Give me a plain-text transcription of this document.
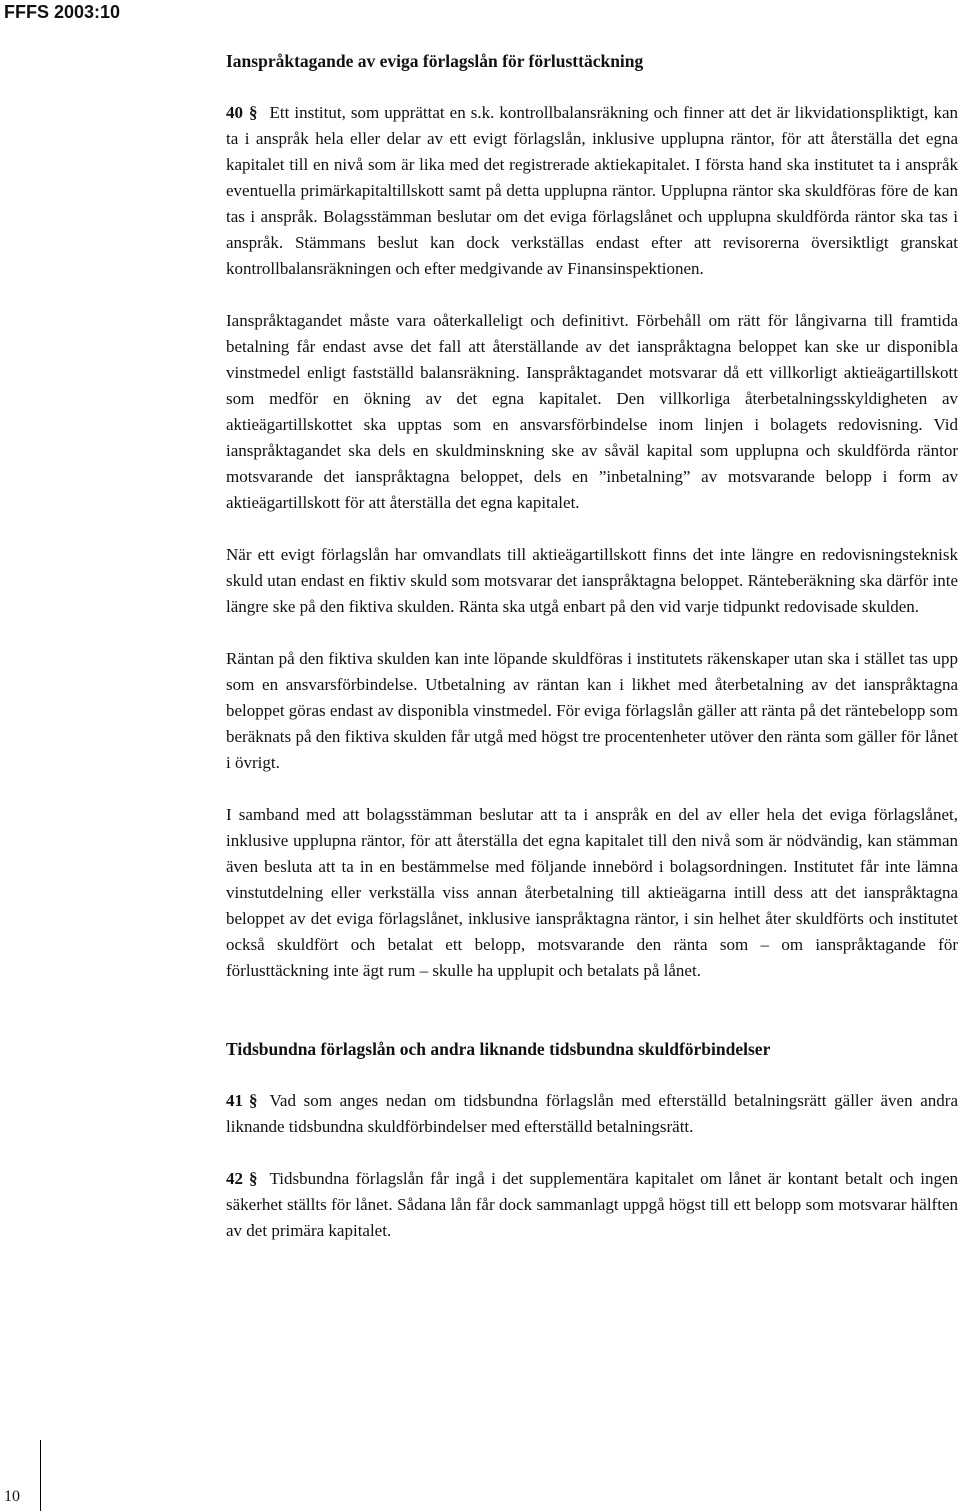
FFFS 2003:10

Ianspråktagande av eviga förlagslån för förlusttäckning

40 § Ett institut, som upprättat en s.k. kontrollbalansräkning och finner att det är likvidationspliktigt, kan ta i anspråk hela eller delar av ett evigt förlagslån, inklusive upplupna räntor, för att återställa det egna kapitalet till en nivå som är lika med det registrerade aktiekapitalet. I första hand ska institutet ta i anspråk eventuella primärkapitaltillskott samt på detta upplupna räntor. Upplupna räntor ska skuldföras före de kan tas i anspråk. Bolagsstämman beslutar om det eviga förlagslånet och upplupna skuldförda räntor ska tas i anspråk. Stämmans beslut kan dock verkställas endast efter att revisorerna översiktligt granskat kontrollbalansräkningen och efter medgivande av Finansinspektionen.

Ianspråktagandet måste vara oåterkalleligt och definitivt. Förbehåll om rätt för långivarna till framtida betalning får endast avse det fall att återställande av det ianspråktagna beloppet kan ske ur disponibla vinstmedel enligt fastställd balansräkning. Ianspråktagandet motsvarar då ett villkorligt aktieägartillskott som medför en ökning av det egna kapitalet. Den villkorliga återbetalningsskyldigheten av aktieägartillskottet ska upptas som en ansvarsförbindelse inom linjen i bolagets redovisning. Vid ianspråktagandet ska dels en skuldminskning ske av såväl kapital som upplupna och skuldförda räntor motsvarande det ianspråktagna beloppet, dels en ”inbetalning” av motsvarande belopp i form av aktieägartillskott för att återställa det egna kapitalet.

När ett evigt förlagslån har omvandlats till aktieägartillskott finns det inte längre en redovisningsteknisk skuld utan endast en fiktiv skuld som motsvarar det ianspråktagna beloppet. Ränteberäkning ska därför inte längre ske på den fiktiva skulden. Ränta ska utgå enbart på den vid varje tidpunkt redovisade skulden.

Räntan på den fiktiva skulden kan inte löpande skuldföras i institutets räkenskaper utan ska i stället tas upp som en ansvarsförbindelse. Utbetalning av räntan kan i likhet med återbetalning av det ianspråktagna beloppet göras endast av disponibla vinstmedel. För eviga förlagslån gäller att ränta på det räntebelopp som beräknats på den fiktiva skulden får utgå med högst tre procentenheter utöver den ränta som gäller för lånet i övrigt.

I samband med att bolagsstämman beslutar att ta i anspråk en del av eller hela det eviga förlagslånet, inklusive upplupna räntor, för att återställa det egna kapitalet till den nivå som är nödvändig, kan stämman även besluta att ta in en bestämmelse med följande innebörd i bolagsordningen. Institutet får inte lämna vinstutdelning eller verkställa viss annan återbetalning till aktieägarna intill dess att det ianspråktagna beloppet av det eviga förlagslånet, inklusive ianspråktagna räntor, i sin helhet åter skuldförts och institutet också skuldfört och betalat ett belopp, motsvarande den ränta som – om ianspråktagande för förlusttäckning inte ägt rum – skulle ha upplupit och betalats på lånet.

Tidsbundna förlagslån och andra liknande tidsbundna skuldförbindelser

41 § Vad som anges nedan om tidsbundna förlagslån med efterställd betalningsrätt gäller även andra liknande tidsbundna skuldförbindelser med efterställd betalningsrätt.

42 § Tidsbundna förlagslån får ingå i det supplementära kapitalet om lånet är kontant betalt och ingen säkerhet ställts för lånet. Sådana lån får dock sammanlagt uppgå högst till ett belopp som motsvarar hälften av det primära kapitalet.

10
